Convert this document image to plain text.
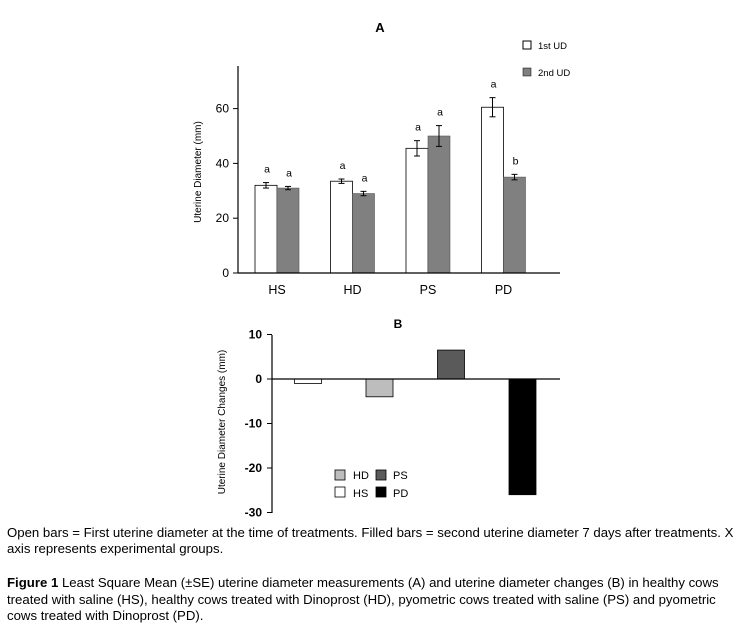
A
Uterine Diameter (mm)
0
20
40
60
a a
a
a
a
a
a
b
HS	HD	PS	PD
1st UD
2nd UD
B
Uterine Diameter Changes (mm)
10
0
-10
-20
-30
HD PS
HS PD
Open bars = First uterine diameter at the time of treatments. Filled bars = second uterine diameter 7 days after treatments. X axis represents experimental groups.
Figure 1 Least Square Mean (±SE) uterine diameter measurements (A) and uterine diameter changes (B) in healthy cows treated with saline (HS), healthy cows treated with Dinoprost (HD), pyometric cows treated with saline (PS) and pyometric cows treated with Dinoprost (PD).
